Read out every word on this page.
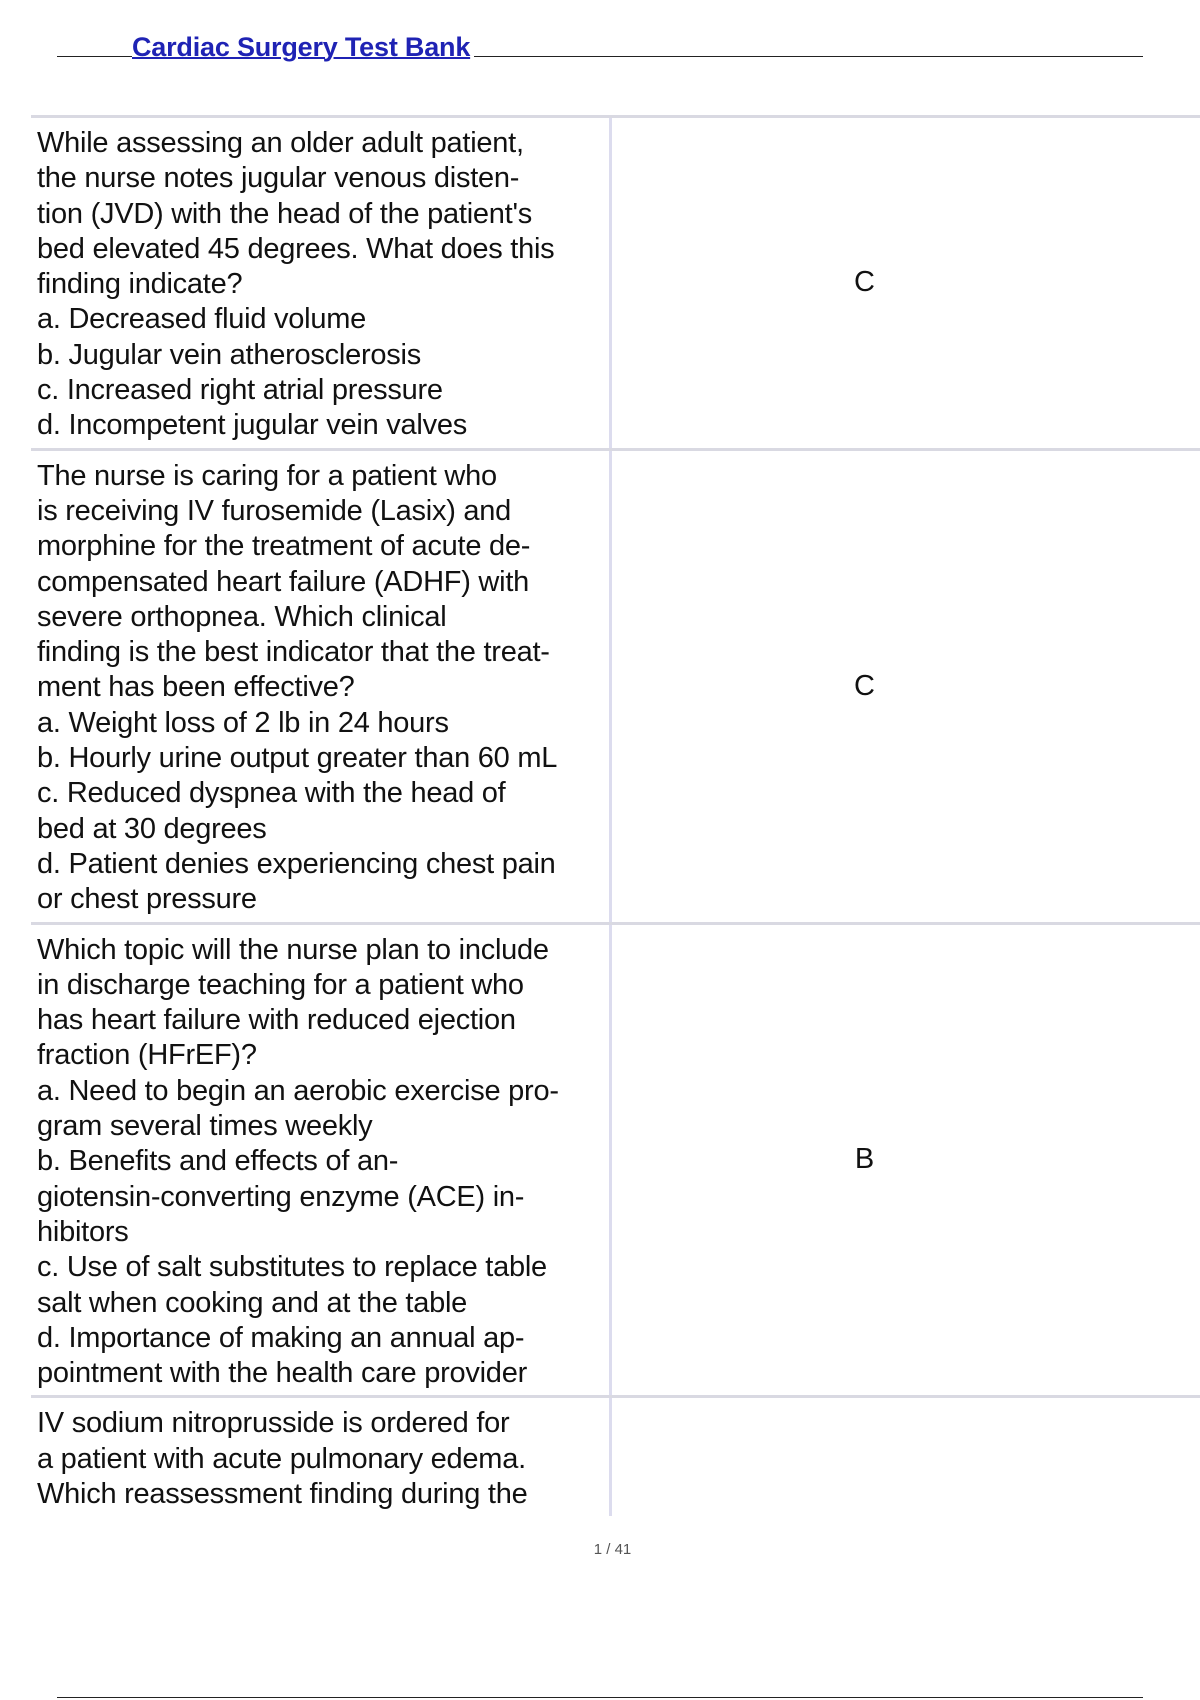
Cardiac Surgery Test Bank
While assessing an older adult patient,
the nurse notes jugular venous disten-
tion (JVD) with the head of the patient's
bed elevated 45 degrees. What does this
finding indicate?
a. Decreased fluid volume
b. Jugular vein atherosclerosis
c. Increased right atrial pressure
d. Incompetent jugular vein valves
C
The nurse is caring for a patient who
is receiving IV furosemide (Lasix) and
morphine for the treatment of acute de-
compensated heart failure (ADHF) with
severe orthopnea. Which clinical
finding is the best indicator that the treat-
ment has been effective?
a. Weight loss of 2 lb in 24 hours
b. Hourly urine output greater than 60 mL
c. Reduced dyspnea with the head of
bed at 30 degrees
d. Patient denies experiencing chest pain
or chest pressure
C
Which topic will the nurse plan to include
in discharge teaching for a patient who
has heart failure with reduced ejection
fraction (HFrEF)?
a. Need to begin an aerobic exercise pro-
gram several times weekly
b. Benefits and effects of an-
giotensin-converting enzyme (ACE) in-
hibitors
c. Use of salt substitutes to replace table
salt when cooking and at the table
d. Importance of making an annual ap-
pointment with the health care provider
B
IV sodium nitroprusside is ordered for
a patient with acute pulmonary edema.
Which reassessment finding during the
1 / 41
